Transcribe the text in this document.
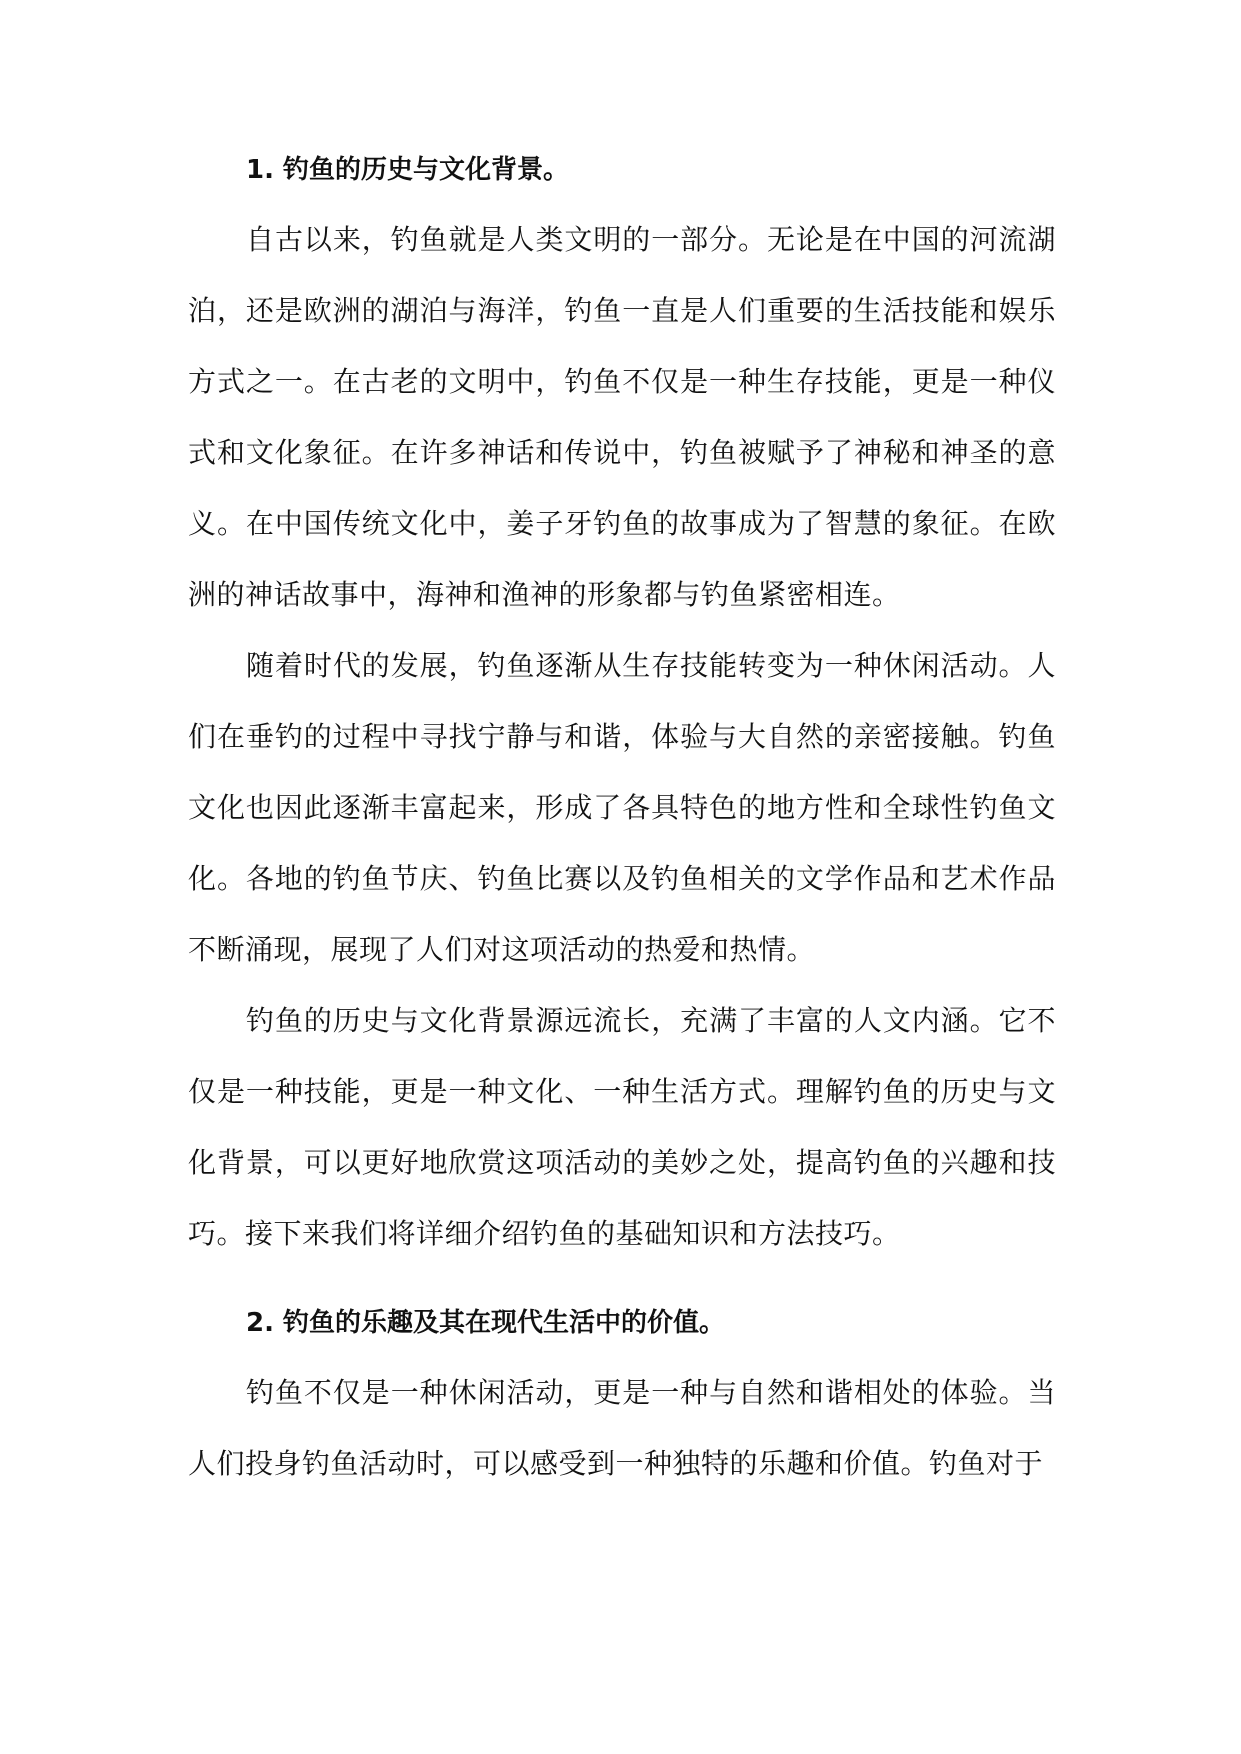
1. 钓鱼的历史与文化背景。

自古以来，钓鱼就是人类文明的一部分。无论是在中国的河流湖泊，还是欧洲的湖泊与海洋，钓鱼一直是人们重要的生活技能和娱乐方式之一。在古老的文明中，钓鱼不仅是一种生存技能，更是一种仪式和文化象征。在许多神话和传说中，钓鱼被赋予了神秘和神圣的意义。在中国传统文化中，姜子牙钓鱼的故事成为了智慧的象征。在欧洲的神话故事中，海神和渔神的形象都与钓鱼紧密相连。

随着时代的发展，钓鱼逐渐从生存技能转变为一种休闲活动。人们在垂钓的过程中寻找宁静与和谐，体验与大自然的亲密接触。钓鱼文化也因此逐渐丰富起来，形成了各具特色的地方性和全球性钓鱼文化。各地的钓鱼节庆、钓鱼比赛以及钓鱼相关的文学作品和艺术作品不断涌现，展现了人们对这项活动的热爱和热情。

钓鱼的历史与文化背景源远流长，充满了丰富的人文内涵。它不仅是一种技能，更是一种文化、一种生活方式。理解钓鱼的历史与文化背景，可以更好地欣赏这项活动的美妙之处，提高钓鱼的兴趣和技巧。接下来我们将详细介绍钓鱼的基础知识和方法技巧。

2. 钓鱼的乐趣及其在现代生活中的价值。

钓鱼不仅是一种休闲活动，更是一种与自然和谐相处的体验。当人们投身钓鱼活动时，可以感受到一种独特的乐趣和价值。钓鱼对于
